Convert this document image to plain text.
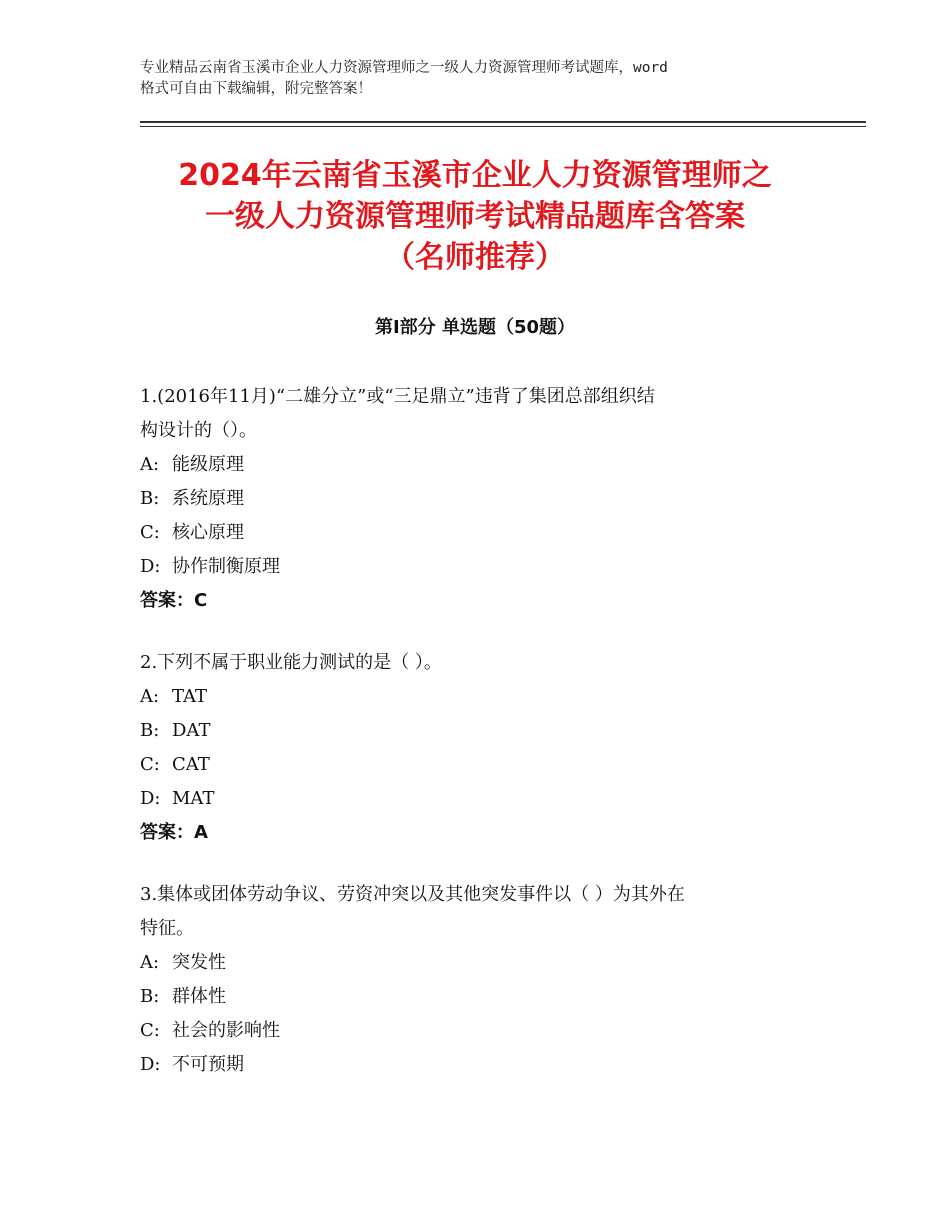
专业精品云南省玉溪市企业人力资源管理师之一级人力资源管理师考试题库，word
格式可自由下载编辑，附完整答案！
2024年云南省玉溪市企业人力资源管理师之
一级人力资源管理师考试精品题库含答案
（名师推荐）
第Ⅰ部分 单选题（50题）

1.(2016年11月)“二雄分立”或“三足鼎立”违背了集团总部组织结
构设计的（）。

A: 能级原理

B: 系统原理

C: 核心原理

D: 协作制衡原理

答案：C

2.下列不属于职业能力测试的是（ ）。

A: TAT

B: DAT

C: CAT

D: MAT

答案：A

3.集体或团体劳动争议、劳资冲突以及其他突发事件以（ ）为其外在
特征。

A: 突发性

B: 群体性

C: 社会的影响性

D: 不可预期
